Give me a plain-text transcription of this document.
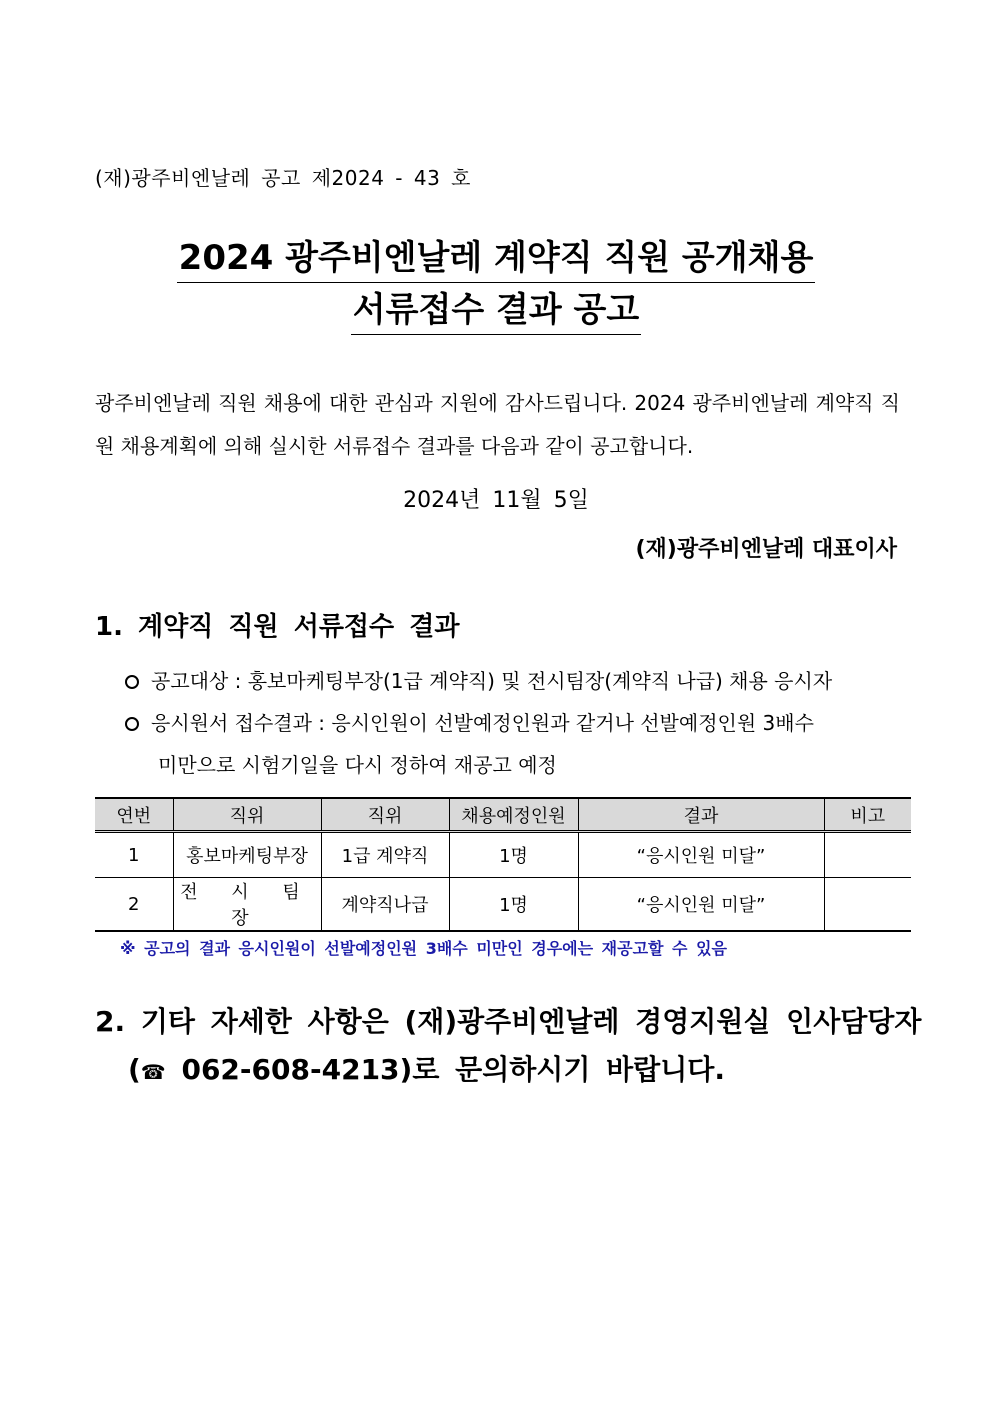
(재)광주비엔날레 공고 제2024 - 43 호
2024 광주비엔날레 계약직 직원 공개채용
서류접수 결과 공고
광주비엔날레 직원 채용에 대한 관심과 지원에 감사드립니다. 2024 광주비엔날레 계약직 직원 채용계획에 의해 실시한 서류접수 결과를 다음과 같이 공고합니다.
2024년 11월 5일
(재)광주비엔날레 대표이사
1. 계약직 직원 서류접수 결과
공고대상 : 홍보마케팅부장(1급 계약직) 및 전시팀장(계약직 나급) 채용 응시자
응시원서 접수결과 : 응시인원이 선발예정인원과 같거나 선발예정인원 3배수
미만으로 시험기일을 다시 정하여 재공고 예정
연번	직위	직위	채용예정인원	결과	비고
1	홍보마케팅부장	1급 계약직	1명	“응시인원 미달”	
2	전 시 팀 장	계약직나급	1명	“응시인원 미달”	
※ 공고의 결과 응시인원이 선발예정인원 3배수 미만인 경우에는 재공고할 수 있음
2. 기타 자세한 사항은 (재)광주비엔날레 경영지원실 인사담당자
(☎ 062-608-4213)로 문의하시기 바랍니다.
